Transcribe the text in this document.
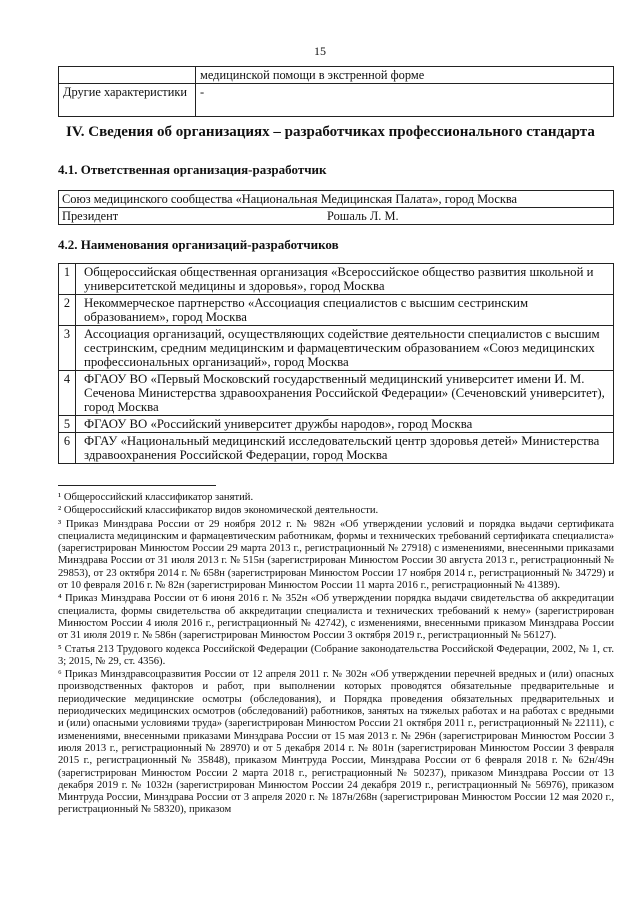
15
	медицинской помощи в экстренной форме
Другие характеристики	-
IV. Сведения об организациях – разработчиках профессионального стандарта
4.1. Ответственная организация-разработчик
Союз медицинского сообщества «Национальная Медицинская Палата», город Москва
Президент	Рошаль Л. М.
4.2. Наименования организаций-разработчиков
1	Общероссийская общественная организация «Всероссийское общество развития школьной и университетской медицины и здоровья», город Москва
2	Некоммерческое партнерство «Ассоциация специалистов с высшим сестринским образованием», город Москва
3	Ассоциация организаций, осуществляющих содействие деятельности специалистов с высшим сестринским, средним медицинским и фармацевтическим образованием «Союз медицинских профессиональных организаций», город Москва
4	ФГАОУ ВО «Первый Московский государственный медицинский университет имени И. М. Сеченова Министерства здравоохранения Российской Федерации» (Сеченовский университет), город Москва
5	ФГАОУ ВО «Российский университет дружбы народов», город Москва
6	ФГАУ «Национальный медицинский исследовательский центр здоровья детей» Министерства здравоохранения Российской Федерации, город Москва

¹ Общероссийский классификатор занятий.

² Общероссийский классификатор видов экономической деятельности.

³ Приказ Минздрава России от 29 ноября 2012 г. № 982н «Об утверждении условий и порядка выдачи сертификата специалиста медицинским и фармацевтическим работникам, формы и технических требований сертификата специалиста» (зарегистрирован Минюстом России 29 марта 2013 г., регистрационный № 27918) с изменениями, внесенными приказами Минздрава России от 31 июля 2013 г. № 515н (зарегистрирован Минюстом России 30 августа 2013 г., регистрационный № 29853), от 23 октября 2014 г. № 658н (зарегистрирован Минюстом России 17 ноября 2014 г., регистрационный № 34729) и от 10 февраля 2016 г. № 82н (зарегистрирован Минюстом России 11 марта 2016 г., регистрационный № 41389).

⁴ Приказ Минздрава России от 6 июня 2016 г. № 352н «Об утверждении порядка выдачи свидетельства об аккредитации специалиста, формы свидетельства об аккредитации специалиста и технических требований к нему» (зарегистрирован Минюстом России 4 июля 2016 г., регистрационный № 42742), с изменениями, внесенными приказом Минздрава России от 31 июля 2019 г. № 586н (зарегистрирован Минюстом России 3 октября 2019 г., регистрационный № 56127).

⁵ Статья 213 Трудового кодекса Российской Федерации (Собрание законодательства Российской Федерации, 2002, № 1, ст. 3; 2015, № 29, ст. 4356).

⁶ Приказ Минздравсоцразвития России от 12 апреля 2011 г. № 302н «Об утверждении перечней вредных и (или) опасных производственных факторов и работ, при выполнении которых проводятся обязательные предварительные и периодические медицинские осмотры (обследования), и Порядка проведения обязательных предварительных и периодических медицинских осмотров (обследований) работников, занятых на тяжелых работах и на работах с вредными и (или) опасными условиями труда» (зарегистрирован Минюстом России 21 октября 2011 г., регистрационный № 22111), с изменениями, внесенными приказами Минздрава России от 15 мая 2013 г. № 296н (зарегистрирован Минюстом России 3 июля 2013 г., регистрационный № 28970) и от 5 декабря 2014 г. № 801н (зарегистрирован Минюстом России 3 февраля 2015 г., регистрационный № 35848), приказом Минтруда России, Минздрава России от 6 февраля 2018 г. № 62н/49н (зарегистрирован Минюстом России 2 марта 2018 г., регистрационный № 50237), приказом Минздрава России от 13 декабря 2019 г. № 1032н (зарегистрирован Минюстом России 24 декабря 2019 г., регистрационный № 56976), приказом Минтруда России, Минздрава России от 3 апреля 2020 г. № 187н/268н (зарегистрирован Минюстом России 12 мая 2020 г., регистрационный № 58320), приказом
